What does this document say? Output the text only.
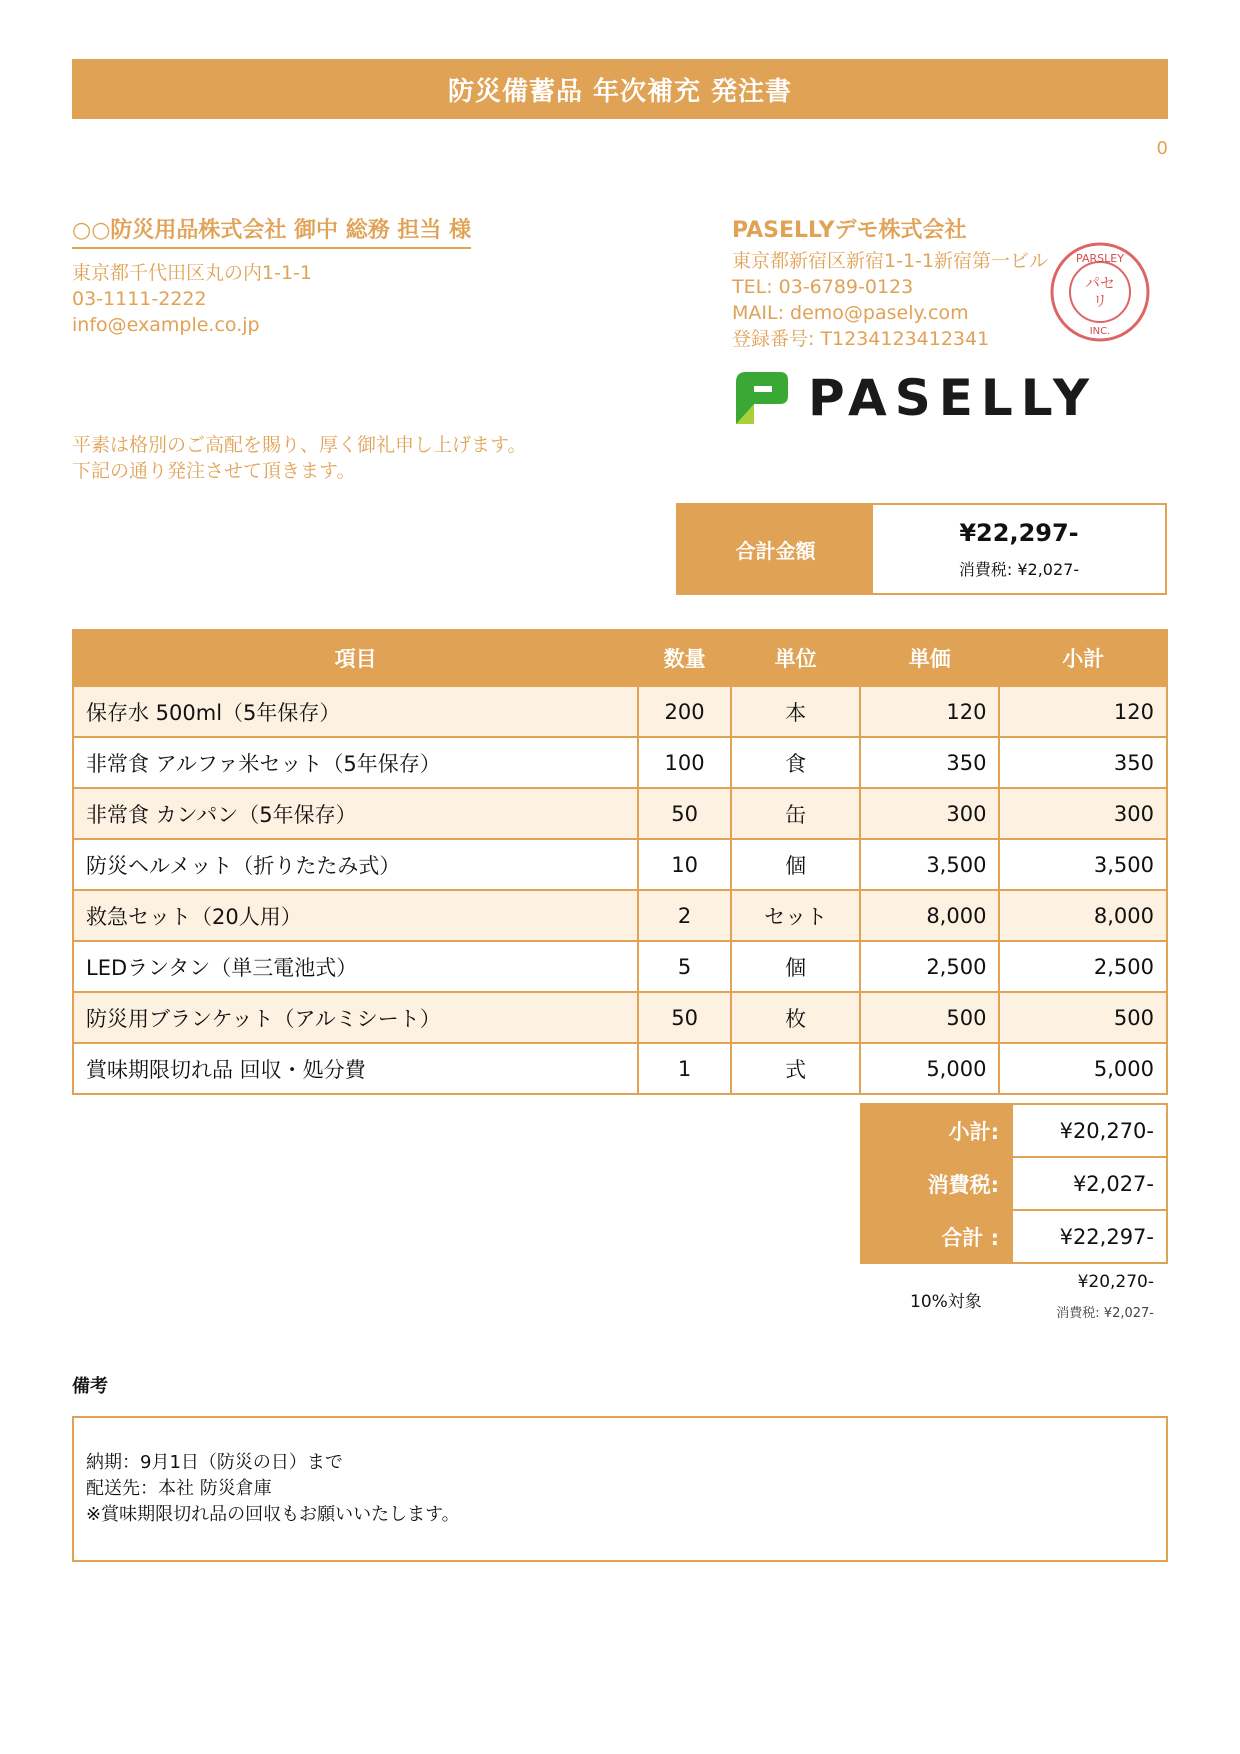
防災備蓄品 年次補充 発注書
0
○○防災用品株式会社 御中 総務 担当 様
東京都千代田区丸の内1-1-1
03-1111-2222
info@example.co.jp
PASELLYデモ株式会社
東京都新宿区新宿1-1-1新宿第一ビル
TEL: 03-6789-0123
MAIL: demo@pasely.com
登録番号: T1234123412341
PARSLEY
パセ
リ
INC.
PASELLY
平素は格別のご高配を賜り、厚く御礼申し上げます。
下記の通り発注させて頂きます。
合計金額
¥22,297-
消費税: ¥2,027-
項目	数量	単位	単価	小計
保存水 500ml（5年保存）	200	本	120	120
非常食 アルファ米セット（5年保存）	100	食	350	350
非常食 カンパン（5年保存）	50	缶	300	300
防災ヘルメット（折りたたみ式）	10	個	3,500	3,500
救急セット（20人用）	2	セット	8,000	8,000
LEDランタン（単三電池式）	5	個	2,500	2,500
防災用ブランケット（アルミシート）	50	枚	500	500
賞味期限切れ品 回収・処分費	1	式	5,000	5,000
小計:	¥20,270-
消費税:	¥2,027-
合計 :	¥22,297-
10%対象
¥20,270-
消費税: ¥2,027-
備考
納期：9月1日（防災の日）まで
配送先：本社 防災倉庫
※賞味期限切れ品の回収もお願いいたします。
